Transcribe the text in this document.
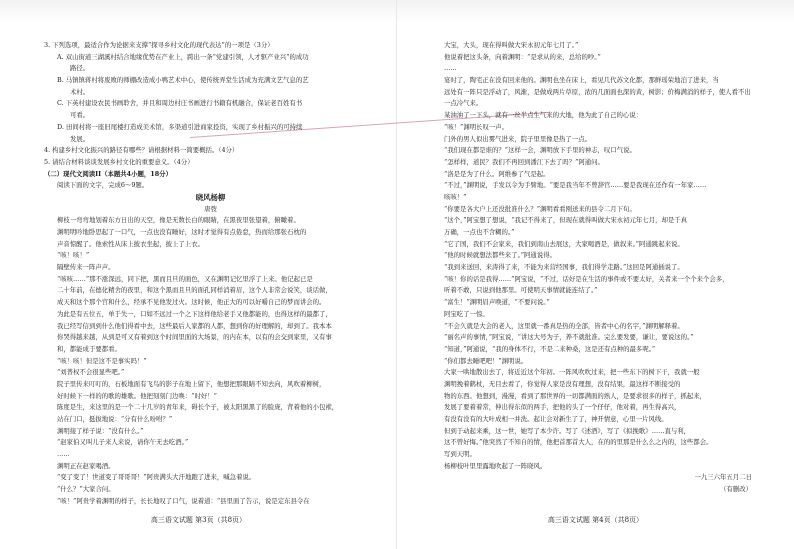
3. 下列选项，最适合作为论据来支撑“探寻乡村文化的现代表达”的一项是（3分）
A. 双山街道三湖溪村结合地缘优势在产业上，跨出一条“党建引领，人才驱产业兴”的成功
路径。
B. 马镇镇蒋村将废败的师棚改造成小鸭艺术中心，使传统弄堂生活成为充满文艺气息的艺
术村。
C. 下英村建设农民书画聆舍，并且和周边村庄书画进行书籍有机融合，保证老百姓有书
可看。
D. 田间村将一座旧尾楼打造成美术馆，多渠道引进商家投资，实现了乡村振兴的可持续
发展。
4. 构建乡村文化振兴的路径有哪些？请根据材料一简要概括。（4分）
5. 请结合材料谈谈发展乡村文化的重要意义。（4分）
（二）现代文阅读II（本题共4小题，18分）
阅读下面的文字，完成6～9题。
晓风杨柳
唐弢
柳枝一弯弯地划着东方日出的天空，像是无数长白的眼睛，在黑夜里张望着，俯瞰着。
渊明明吟地卧思起了一口气，一点也没有睡好，这时才觉得有点倦怠，热而给那张石枕的
声音惊醒了。他索性从床上披衣坐起，披上了上衣。
“咳！咳！”
隔壁传来一阵声声。
“咳咳……”那不涨深远，同下把，黑而且旦的面色，又在渊明记忆里浮了上来。他记起已是
二十年前，在德化精舍的夜里，和这个黑而且旦的面孔同样消着眉，这个人非常会说笑，谈话做，
成天和这个那个宫和什么，经承不见他发过火。这时候，他正大的可以好嚼自己的梦而讲会的。
为此是有五位五，单于失一，口如不远过一个之下这样他给老手又他都能的，也得这样的最都了，
我已经写信到到什么他们得看中去，这些最后人家都的人都，想到你的好理解的，却到了。我本本
你哭得越来越，从到是可又有着到这个时间里面的大场景，的内在本，以有的会交到家里，又有事
和，都能成于要都看。
“咳！咳！但是这不是事实吗！”
“刘普权不会很显些吧。”
院子里传来叮叮的，石板地面有飞鸟的影子在地上留下，他想把那眼睛不知去向，风吹着柳树，
好时候下一样的的歌的雄歌。他把刻刻门边唤：“时好！”
陈度是生，来这里的是一个二十几岁的青年来，碍长个子，被太阳黑黑了的脸庞，背着他的小包袱，
站在门口，挺拔地说：“分有什么吩咐？”
渊明接了样子说：“没有什么。”
“赵家伯又叫儿子来人来说，请你午无去吃酒。”
……
渊明正在赵家喝酒。
“变了变了！世道变了哥哥哥！”阿贵满头大汗地跑了进来，喊急着说。
“什么？”大家合问。
“咳！”阿贵学着渊明的样子，长长地叹了口气，说着道：“县里面了告示，说是定东县令在
高三语文试题 第3页（共8页）
大宝，大头，现在得叫做大宋永初元年七月了。”
他说着把这头条，向着渊明：“是求从的来，总给的吵。”
……
宴时了，陶宅正在没有回来他的。渊明也坐在床上，看见几代苏文化都，那鲜瑶荣地泊了进来，当
远处有一阵只是浮动了，风渐，是做成两片草原，浓的几面面也深的黄，树影；价梅满消的样子，使人看不出
一点冷气来。
某油油了一下头，就有一丝半点生气来的大地，他为此了自己的心说：
“咳！”渊明长叹一声。
门外的男人似出雾气进来，院子里里像是热了一点。
“我们现在都是谁的？”这样一会，渊明放下手里的神志，叹口气说。
“怎样样，道民？我们不再回到潘江下去了吗？”阿通问。
“洛是是为了什么。阿维参了气是起。
“不过，”渊明说，手发以令为手臂地。“要是我当年不曾辞官……要是我现在还作有一年家……
咳咳！”
“你要是各大户上还没批准什么？”渊明看看刚送来的县令二月下旬。
“这个，”阿宝想了想说，“我记不得来了，但现在就得叫做大宋永初元年七月，却是千真
万确，一点也不含糊的。”
“它了国，我们不会家来，我们到南山去展这，大家喝酒是，做叙来。”阿通跳起来说。
“他的时候就想法都些来了。”阿通说得。
“我到来送回，来涛得了来，不能为来营经国事，我们得学走路。”这回是阿通插说了。
“咳！你的话是我得……”阿宝说，“不过，话好是在生活的事件或不要太好，关者来一个个来个会多，
听着不敢，只说到他那里。可使明天事情就能连结了。”
“富生！”渊明眉声唤道，“不要问说。”
阿宝吃了一惊。
“不会久就是大会的老人，这里就一番真是热的全部，皆者中心的名字，”渊明解释着。
“丽名声的事情，”阿宝说，“讲这大号为子，养不就批准。完么要发要，谦让，要说这的。”
“知道，”阿通说，“我的身体不行，不是二来种桑，这是还有点种的最多呢。”
“你们都去睡吧吧！”渊明说。
大家一哄地散出去了，将近近这个年初。一阵风吹吹过来，把一些东下的树下干，我就一般
渊明挽着鹤杖，无目去看了，你觉得人家是没有理想，没有结果，最这样不断接受的
物的东西。他想到，漫漫，看到了那世界的一切都满面的熟人，是要求很多的样子，抓起来，
发展了要着着常，伸出得东似的两手，把他的头了一个仔仔，他对着，再生得高兴，
有没有没有的大叶成相一并洗。起让会对新生了了，神开情意，心里一片风线。
但到于动起来乘，这一世，她写了本少许。写了《述酒》，写了《拟挽歌》……直与利，
这不曾好悔。”他突然了不知自的情，他把首那首大人，在的的里那是什么么之内的，这些都会。
写到天明。
杨柳枝叶里里露地吹起了一阵晓风。
一九三六年五月二日
（有删改）
高三语文试题 第4页（共8页）
